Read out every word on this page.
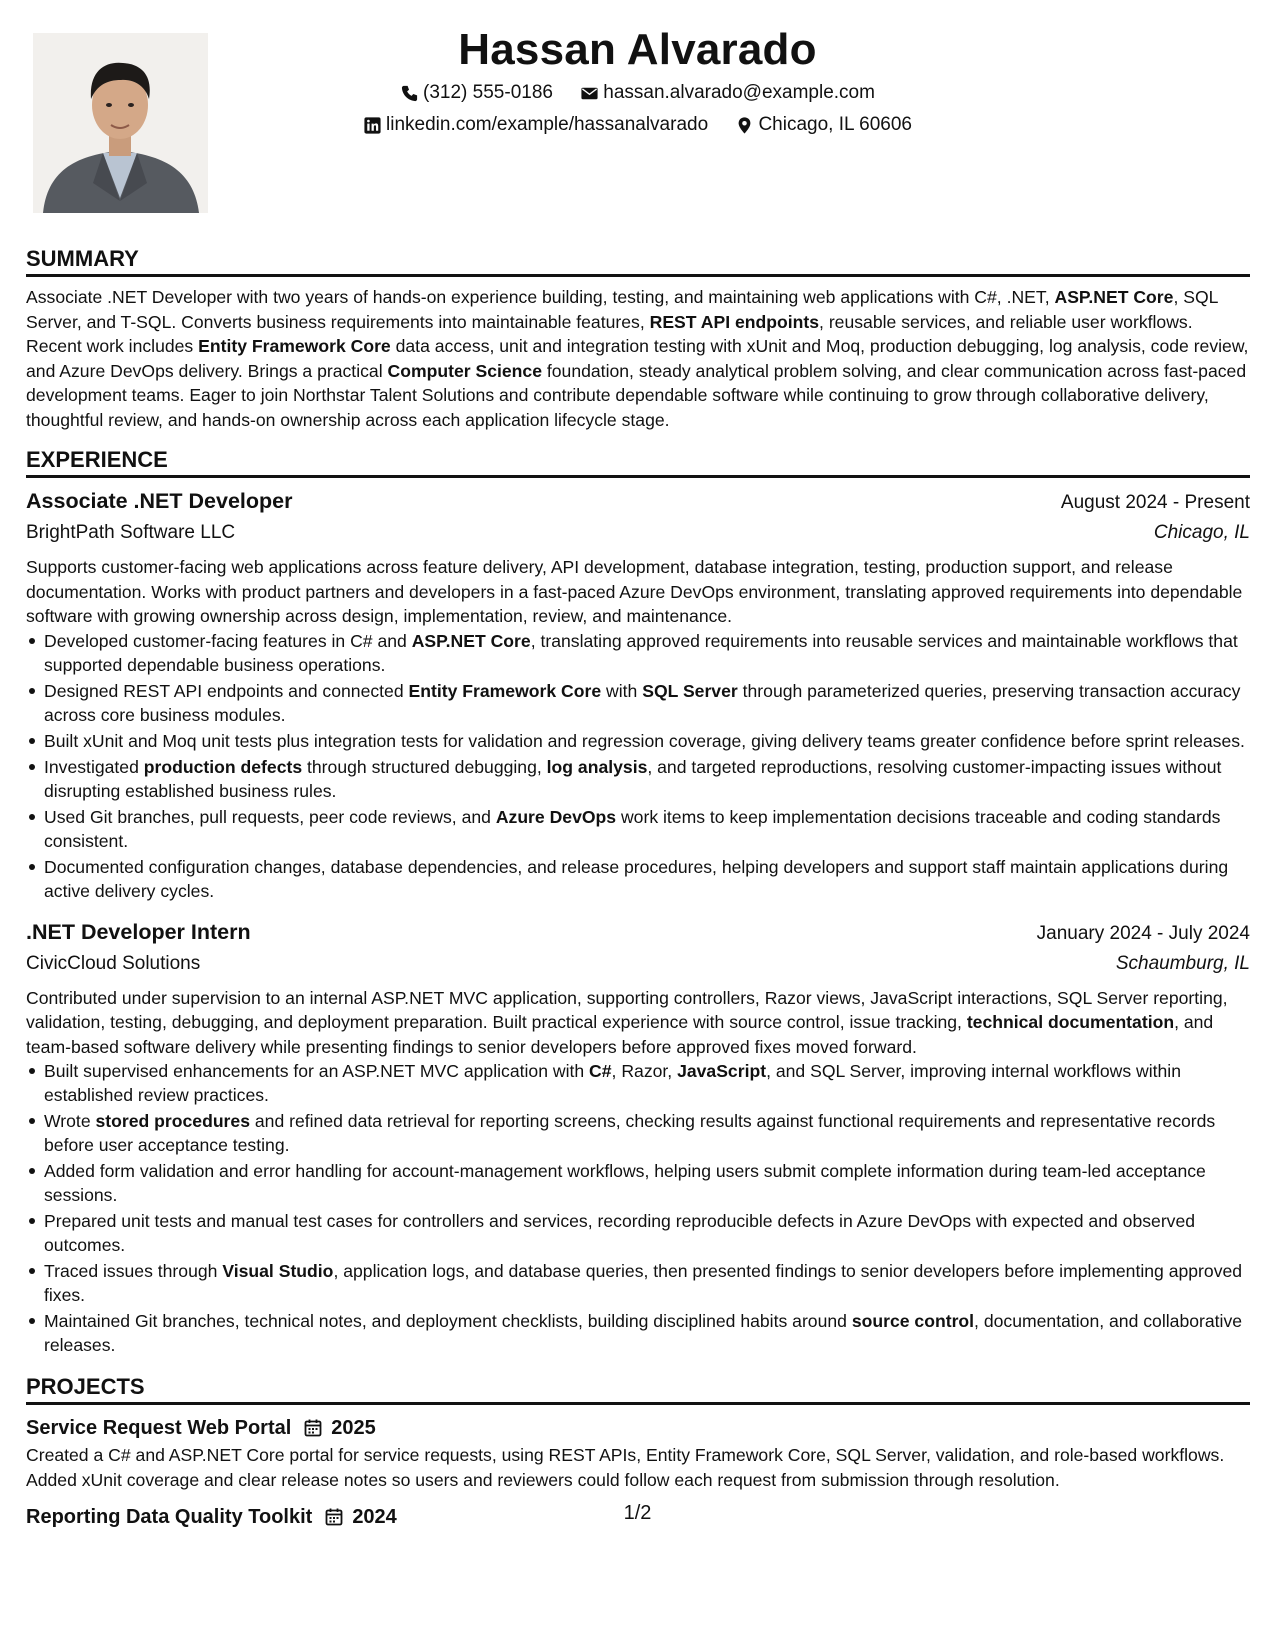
Hassan Alvarado
(312) 555-0186
	hassan.alvarado@example.com
linkedin.com/example/hassanalvarado
	Chicago, IL 60606
SUMMARY

Associate .NET Developer with two years of hands-on experience building, testing, and maintaining web applications with C#, .NET, ASP.NET Core, SQL Server, and T-SQL. Converts business requirements into maintainable features, REST API endpoints, reusable services, and reliable user workflows. Recent work includes Entity Framework Core data access, unit and integration testing with xUnit and Moq, production debugging, log analysis, code review, and Azure DevOps delivery. Brings a practical Computer Science foundation, steady analytical problem solving, and clear communication across fast-paced development teams. Eager to join Northstar Talent Solutions and contribute dependable software while continuing to grow through collaborative delivery, thoughtful review, and hands-on ownership across each application lifecycle stage.

EXPERIENCE
Associate .NET Developer	August 2024 - Present
BrightPath Software LLC	Chicago, IL

Supports customer-facing web applications across feature delivery, API development, database integration, testing, production support, and release documentation. Works with product partners and developers in a fast-paced Azure DevOps environment, translating approved requirements into dependable software with growing ownership across design, implementation, review, and maintenance.

Developed customer-facing features in C# and ASP.NET Core, translating approved requirements into reusable services and maintainable workflows that supported dependable business operations.
Designed REST API endpoints and connected Entity Framework Core with SQL Server through parameterized queries, preserving transaction accuracy across core business modules.
Built xUnit and Moq unit tests plus integration tests for validation and regression coverage, giving delivery teams greater confidence before sprint releases.
Investigated production defects through structured debugging, log analysis, and targeted reproductions, resolving customer-impacting issues without disrupting established business rules.
Used Git branches, pull requests, peer code reviews, and Azure DevOps work items to keep implementation decisions traceable and coding standards consistent.
Documented configuration changes, database dependencies, and release procedures, helping developers and support staff maintain applications during active delivery cycles.
.NET Developer Intern	January 2024 - July 2024
CivicCloud Solutions	Schaumburg, IL

Contributed under supervision to an internal ASP.NET MVC application, supporting controllers, Razor views, JavaScript interactions, SQL Server reporting, validation, testing, debugging, and deployment preparation. Built practical experience with source control, issue tracking, technical documentation, and team-based software delivery while presenting findings to senior developers before approved fixes moved forward.

Built supervised enhancements for an ASP.NET MVC application with C#, Razor, JavaScript, and SQL Server, improving internal workflows within established review practices.
Wrote stored procedures and refined data retrieval for reporting screens, checking results against functional requirements and representative records before user acceptance testing.
Added form validation and error handling for account-management workflows, helping users submit complete information during team-led acceptance sessions.
Prepared unit tests and manual test cases for controllers and services, recording reproducible defects in Azure DevOps with expected and observed outcomes.
Traced issues through Visual Studio, application logs, and database queries, then presented findings to senior developers before implementing approved fixes.
Maintained Git branches, technical notes, and deployment checklists, building disciplined habits around source control, documentation, and collaborative releases.
PROJECTS
Service Request Web Portal 2025

Created a C# and ASP.NET Core portal for service requests, using REST APIs, Entity Framework Core, SQL Server, validation, and role-based workflows. Added xUnit coverage and clear release notes so users and reviewers could follow each request from submission through resolution.

Reporting Data Quality Toolkit 2024	1/2
